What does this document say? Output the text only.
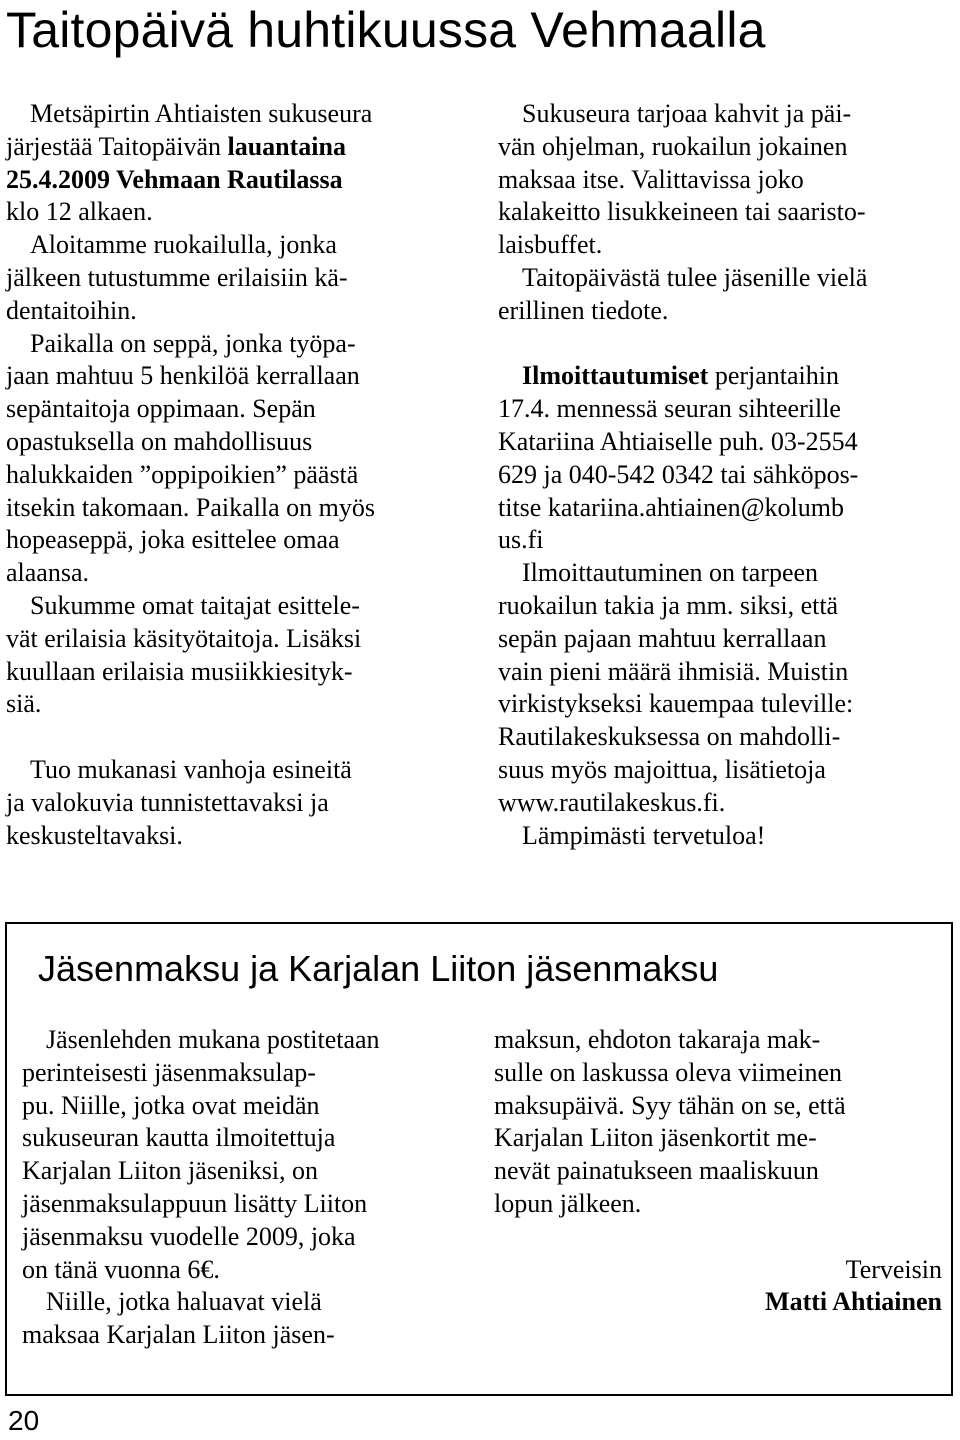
Taitopäivä huhtikuussa Vehmaalla
Metsäpirtin Ahtiaisten sukuseura
järjestää Taitopäivän lauantaina
25.4.2009 Vehmaan Rautilassa
klo 12 alkaen.
Aloitamme ruokailulla, jonka
jälkeen tutustumme erilaisiin kä-
dentaitoihin.
Paikalla on seppä, jonka työpa-
jaan mahtuu 5 henkilöä kerrallaan
sepäntaitoja oppimaan. Sepän
opastuksella on mahdollisuus
halukkaiden ”oppipoikien” päästä
itsekin takomaan. Paikalla on myös
hopeaseppä, joka esittelee omaa
alaansa.
Sukumme omat taitajat esittele-
vät erilaisia käsityötaitoja. Lisäksi
kuullaan erilaisia musiikkiesityk-
siä.
Tuo mukanasi vanhoja esineitä
ja valokuvia tunnistettavaksi ja
keskusteltavaksi.
Sukuseura tarjoaa kahvit ja päi-
vän ohjelman, ruokailun jokainen
maksaa itse. Valittavissa joko
kalakeitto lisukkeineen tai saaristo-
laisbuffet.
Taitopäivästä tulee jäsenille vielä
erillinen tiedote.
Ilmoittautumiset perjantaihin
17.4. mennessä seuran sihteerille
Katariina Ahtiaiselle puh. 03-2554
629 ja 040-542 0342 tai sähköpos-
titse katariina.ahtiainen@kolumb
us.fi
Ilmoittautuminen on tarpeen
ruokailun takia ja mm. siksi, että
sepän pajaan mahtuu kerrallaan
vain pieni määrä ihmisiä. Muistin
virkistykseksi kauempaa tuleville:
Rautilakeskuksessa on mahdolli-
suus myös majoittua, lisätietoja
www.rautilakeskus.fi.
Lämpimästi tervetuloa!
Jäsenmaksu ja Karjalan Liiton jäsenmaksu
Jäsenlehden mukana postitetaan
perinteisesti jäsenmaksulap-
pu. Niille, jotka ovat meidän
sukuseuran kautta ilmoitettuja
Karjalan Liiton jäseniksi, on
jäsenmaksulappuun lisätty Liiton
jäsenmaksu vuodelle 2009, joka
on tänä vuonna 6€.
Niille, jotka haluavat vielä
maksaa Karjalan Liiton jäsen-
maksun, ehdoton takaraja mak-
sulle on laskussa oleva viimeinen
maksupäivä. Syy tähän on se, että
Karjalan Liiton jäsenkortit me-
nevät painatukseen maaliskuun
lopun jälkeen.
Terveisin
Matti Ahtiainen
20
